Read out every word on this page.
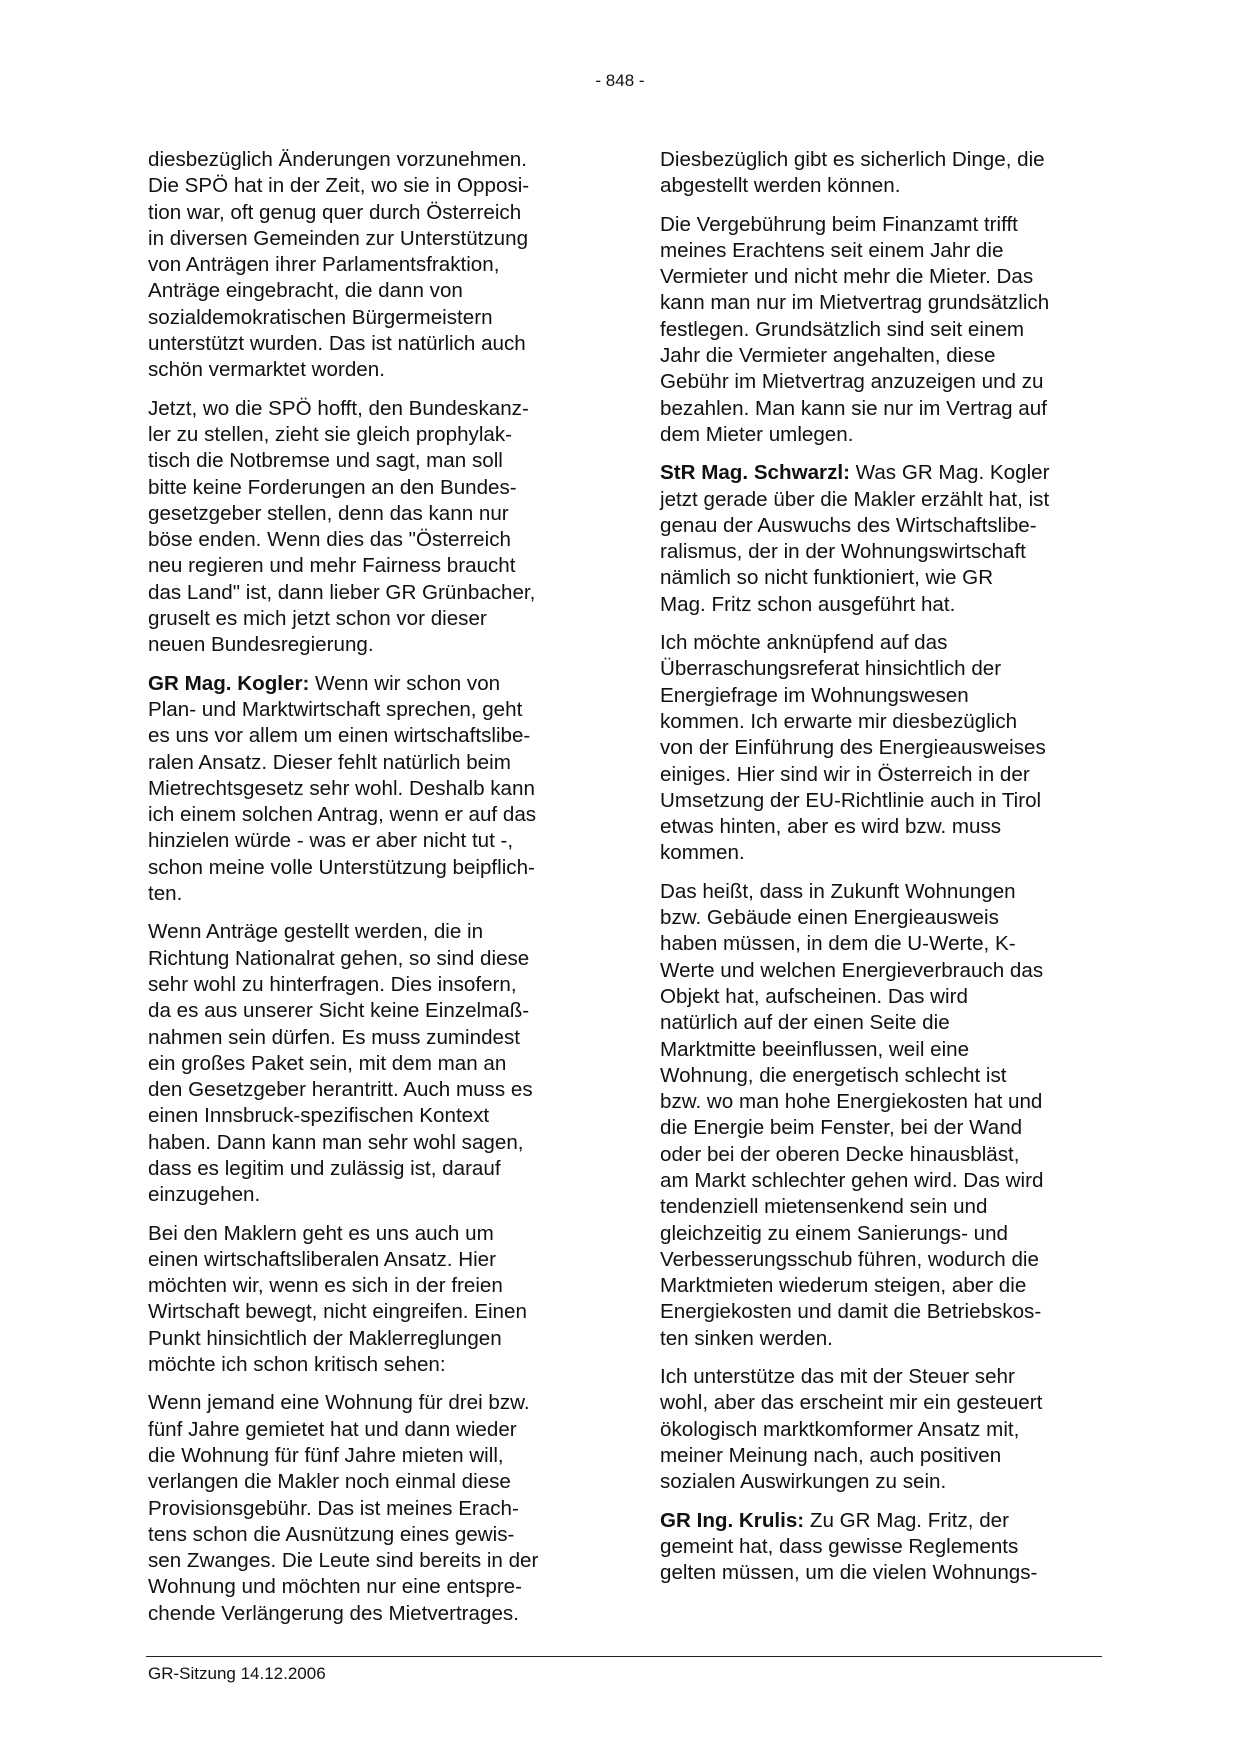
- 848 -

diesbezüglich Änderungen vorzunehmen.
Die SPÖ hat in der Zeit, wo sie in Opposi-
tion war, oft genug quer durch Österreich
in diversen Gemeinden zur Unterstützung
von Anträgen ihrer Parlamentsfraktion,
Anträge eingebracht, die dann von
sozialdemokratischen Bürgermeistern
unterstützt wurden. Das ist natürlich auch
schön vermarktet worden.

Jetzt, wo die SPÖ hofft, den Bundeskanz-
ler zu stellen, zieht sie gleich prophylak-
tisch die Notbremse und sagt, man soll
bitte keine Forderungen an den Bundes-
gesetzgeber stellen, denn das kann nur
böse enden. Wenn dies das "Österreich
neu regieren und mehr Fairness braucht
das Land" ist, dann lieber GR Grünbacher,
gruselt es mich jetzt schon vor dieser
neuen Bundesregierung.

GR Mag. Kogler: Wenn wir schon von
Plan- und Marktwirtschaft sprechen, geht
es uns vor allem um einen wirtschaftslibe-
ralen Ansatz. Dieser fehlt natürlich beim
Mietrechtsgesetz sehr wohl. Deshalb kann
ich einem solchen Antrag, wenn er auf das
hinzielen würde - was er aber nicht tut -,
schon meine volle Unterstützung beipflich-
ten.

Wenn Anträge gestellt werden, die in
Richtung Nationalrat gehen, so sind diese
sehr wohl zu hinterfragen. Dies insofern,
da es aus unserer Sicht keine Einzelmaß-
nahmen sein dürfen. Es muss zumindest
ein großes Paket sein, mit dem man an
den Gesetzgeber herantritt. Auch muss es
einen Innsbruck-spezifischen Kontext
haben. Dann kann man sehr wohl sagen,
dass es legitim und zulässig ist, darauf
einzugehen.

Bei den Maklern geht es uns auch um
einen wirtschaftsliberalen Ansatz. Hier
möchten wir, wenn es sich in der freien
Wirtschaft bewegt, nicht eingreifen. Einen
Punkt hinsichtlich der Maklerreglungen
möchte ich schon kritisch sehen:

Wenn jemand eine Wohnung für drei bzw.
fünf Jahre gemietet hat und dann wieder
die Wohnung für fünf Jahre mieten will,
verlangen die Makler noch einmal diese
Provisionsgebühr. Das ist meines Erach-
tens schon die Ausnützung eines gewis-
sen Zwanges. Die Leute sind bereits in der
Wohnung und möchten nur eine entspre-
chende Verlängerung des Mietvertrages.

Diesbezüglich gibt es sicherlich Dinge, die
abgestellt werden können.

Die Vergebührung beim Finanzamt trifft
meines Erachtens seit einem Jahr die
Vermieter und nicht mehr die Mieter. Das
kann man nur im Mietvertrag grundsätzlich
festlegen. Grundsätzlich sind seit einem
Jahr die Vermieter angehalten, diese
Gebühr im Mietvertrag anzuzeigen und zu
bezahlen. Man kann sie nur im Vertrag auf
dem Mieter umlegen.

StR Mag. Schwarzl: Was GR Mag. Kogler
jetzt gerade über die Makler erzählt hat, ist
genau der Auswuchs des Wirtschaftslibe-
ralismus, der in der Wohnungswirtschaft
nämlich so nicht funktioniert, wie GR
Mag. Fritz schon ausgeführt hat.

Ich möchte anknüpfend auf das
Überraschungsreferat hinsichtlich der
Energiefrage im Wohnungswesen
kommen. Ich erwarte mir diesbezüglich
von der Einführung des Energieausweises
einiges. Hier sind wir in Österreich in der
Umsetzung der EU-Richtlinie auch in Tirol
etwas hinten, aber es wird bzw. muss
kommen.

Das heißt, dass in Zukunft Wohnungen
bzw. Gebäude einen Energieausweis
haben müssen, in dem die U-Werte, K-
Werte und welchen Energieverbrauch das
Objekt hat, aufscheinen. Das wird
natürlich auf der einen Seite die
Marktmitte beeinflussen, weil eine
Wohnung, die energetisch schlecht ist
bzw. wo man hohe Energiekosten hat und
die Energie beim Fenster, bei der Wand
oder bei der oberen Decke hinausbläst,
am Markt schlechter gehen wird. Das wird
tendenziell mietensenkend sein und
gleichzeitig zu einem Sanierungs- und
Verbesserungsschub führen, wodurch die
Marktmieten wiederum steigen, aber die
Energiekosten und damit die Betriebskos-
ten sinken werden.

Ich unterstütze das mit der Steuer sehr
wohl, aber das erscheint mir ein gesteuert
ökologisch marktkomformer Ansatz mit,
meiner Meinung nach, auch positiven
sozialen Auswirkungen zu sein.

GR Ing. Krulis: Zu GR Mag. Fritz, der
gemeint hat, dass gewisse Reglements
gelten müssen, um die vielen Wohnungs-

GR-Sitzung 14.12.2006
